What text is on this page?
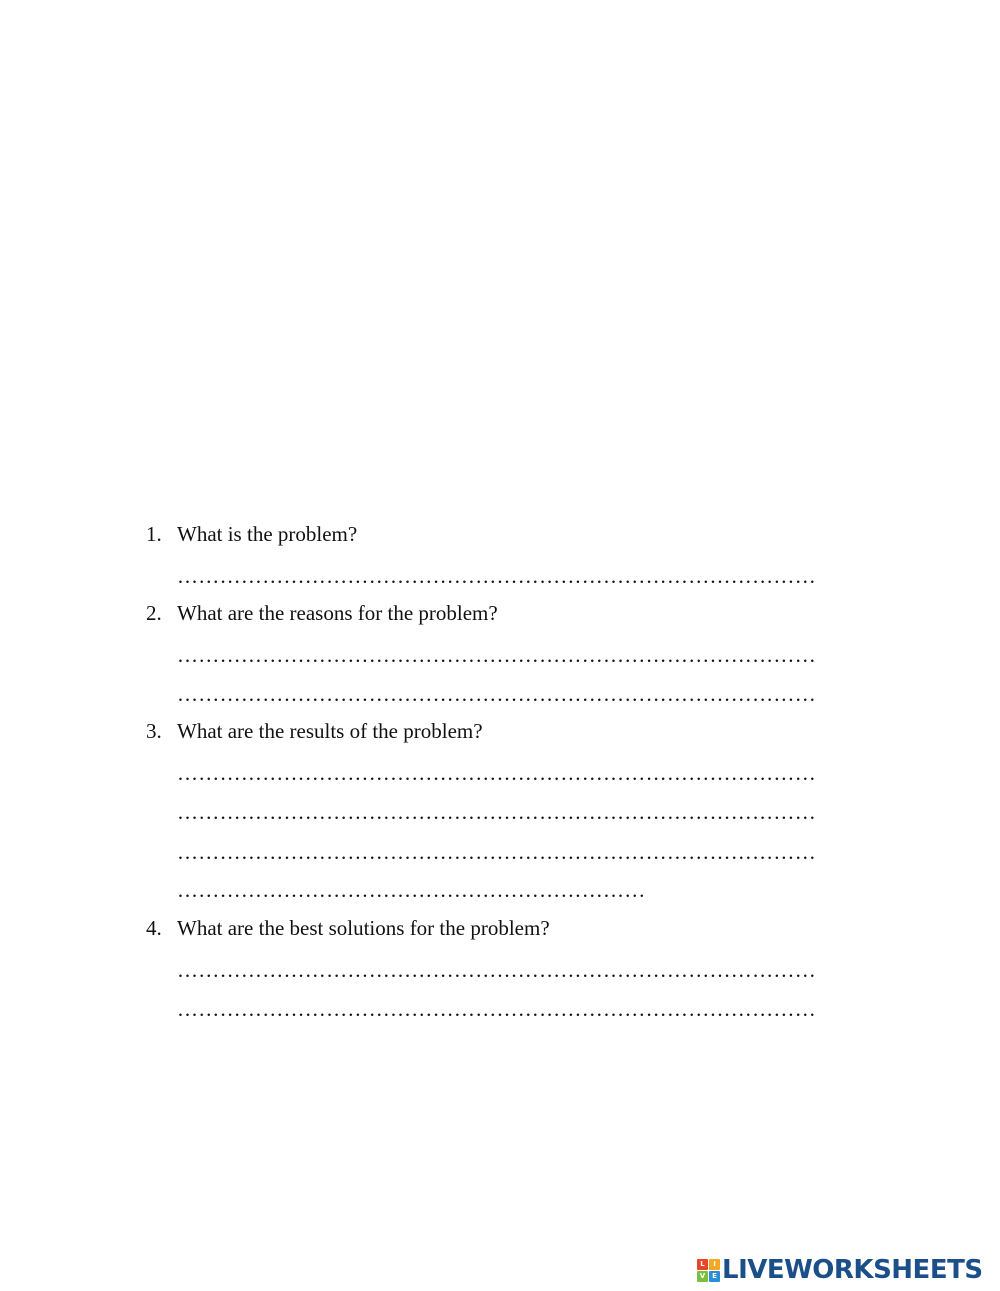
1. What is the problem?
………………………………………………………………………………
2. What are the reasons for the problem?
………………………………………………………………………………
………………………………………………………………………………
3. What are the results of the problem?
………………………………………………………………………………
………………………………………………………………………………
………………………………………………………………………………
…………………………………………………………
4. What are the best solutions for the problem?
………………………………………………………………………………
………………………………………………………………………………
L	I
V E LIVEWORKSHEETS
